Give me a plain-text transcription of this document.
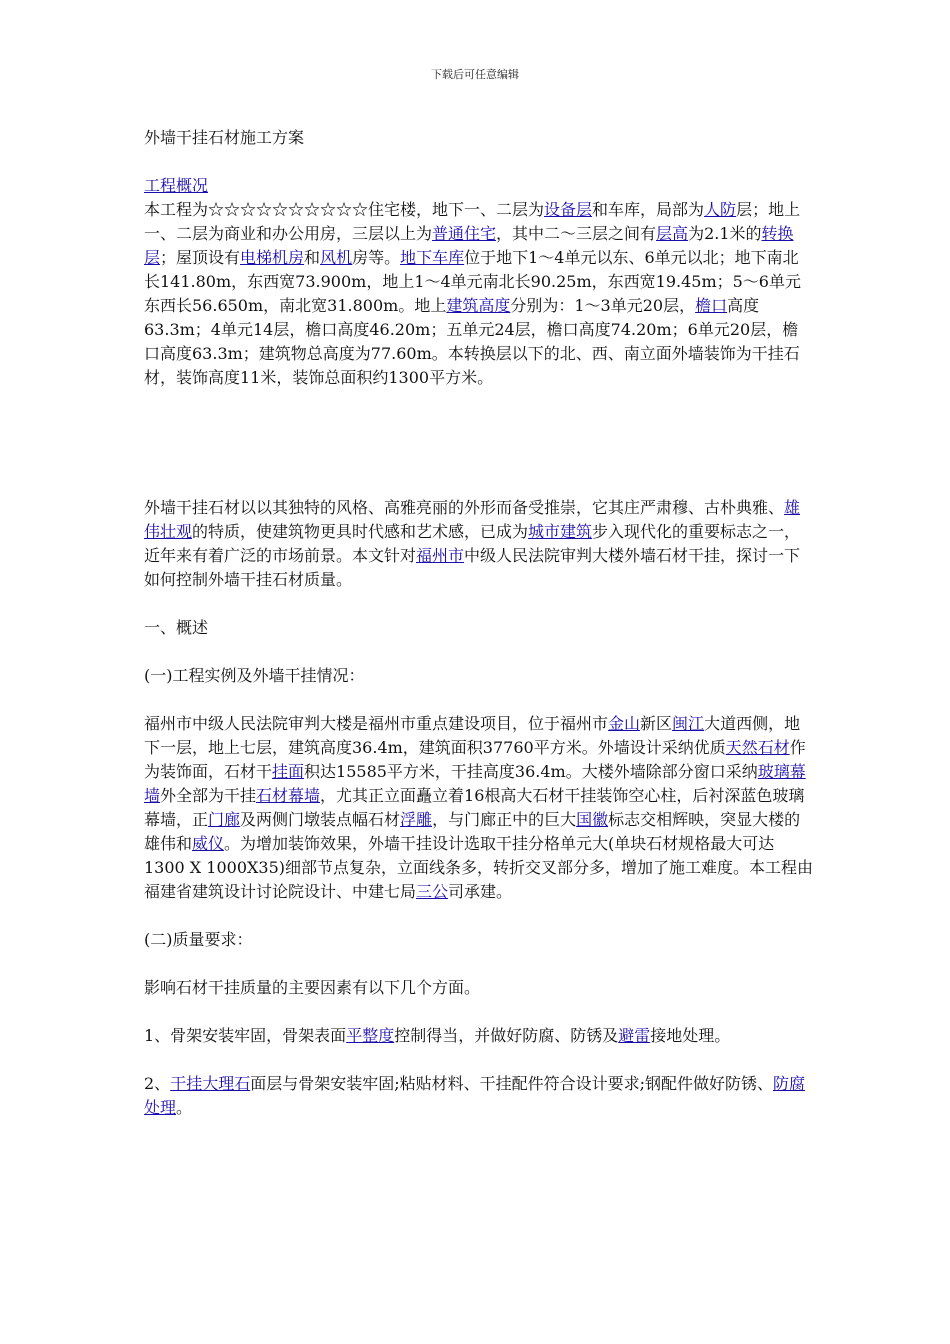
下载后可任意编辑

外墙干挂石材施工方案

工程概况

本工程为☆☆☆☆☆☆☆☆☆☆住宅楼，地下一、二层为设备层和车库，局部为人防层；地上一、二层为商业和办公用房，三层以上为普通住宅，其中二～三层之间有层高为2.1米的转换层；屋顶设有电梯机房和风机房等。地下车库位于地下1～4单元以东、6单元以北；地下南北长141.80m，东西宽73.900m，地上1～4单元南北长90.25m，东西宽19.45m；5～6单元东西长56.650m，南北宽31.800m。地上建筑高度分别为：1～3单元20层，檐口高度63.3m；4单元14层，檐口高度46.20m；五单元24层，檐口高度74.20m；6单元20层，檐口高度63.3m；建筑物总高度为77.60m。本转换层以下的北、西、南立面外墙装饰为干挂石材，装饰高度11米，装饰总面积约1300平方米。

外墙干挂石材以以其独特的风格、高雅亮丽的外形而备受推崇，它其庄严肃穆、古朴典雅、雄伟壮观的特质，使建筑物更具时代感和艺术感，已成为城市建筑步入现代化的重要标志之一，近年来有着广泛的市场前景。本文针对福州市中级人民法院审判大楼外墙石材干挂，探讨一下如何控制外墙干挂石材质量。

一、概述

(一)工程实例及外墙干挂情况：

福州市中级人民法院审判大楼是福州市重点建设项目，位于福州市金山新区闽江大道西侧，地下一层，地上七层，建筑高度36.4m，建筑面积37760平方米。外墙设计采纳优质天然石材作为装饰面，石材干挂面积达15585平方米，干挂高度36.4m。大楼外墙除部分窗口采纳玻璃幕墙外全部为干挂石材幕墙，尤其正立面矗立着16根高大石材干挂装饰空心柱，后衬深蓝色玻璃幕墙，正门廊及两侧门墩装点幅石材浮雕，与门廊正中的巨大国徽标志交相辉映，突显大楼的雄伟和威仪。为增加装饰效果，外墙干挂设计选取干挂分格单元大(单块石材规格最大可达1300 X 1000X35)细部节点复杂，立面线条多，转折交叉部分多，增加了施工难度。本工程由福建省建筑设计讨论院设计、中建七局三公司承建。

(二)质量要求：

影响石材干挂质量的主要因素有以下几个方面。

1、骨架安装牢固，骨架表面平整度控制得当，并做好防腐、防锈及避雷接地处理。

2、干挂大理石面层与骨架安装牢固;粘贴材料、干挂配件符合设计要求;钢配件做好防锈、防腐处理。
